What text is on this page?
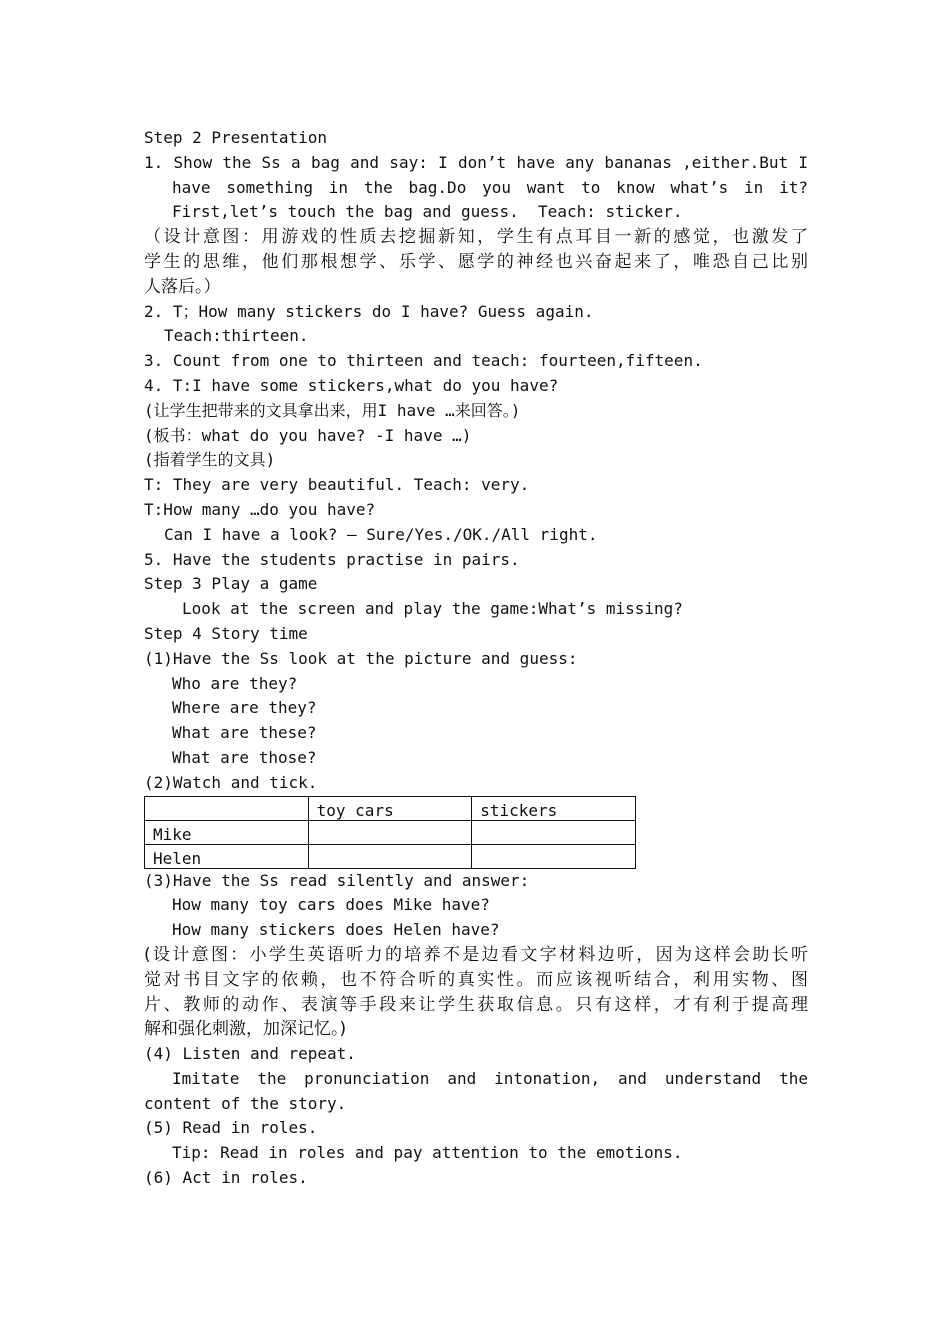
Step 2 Presentation
1. Show the Ss a bag and say: I don’t have any bananas ,either.But I
have something in the bag.Do you want to know what’s in it?
First,let’s touch the bag and guess.  Teach: sticker.
（设计意图：用游戏的性质去挖掘新知，学生有点耳目一新的感觉，也激发了
学生的思维，他们那根想学、乐学、愿学的神经也兴奋起来了，唯恐自己比别
人落后。）
2. T；How many stickers do I have? Guess again.
Teach:thirteen.
3. Count from one to thirteen and teach: fourteen,fifteen.
4. T:I have some stickers,what do you have?
(让学生把带来的文具拿出来，用I have …来回答。)
(板书：what do you have? -I have …)
(指着学生的文具)
T: They are very beautiful. Teach: very.
T:How many …do you have?
Can I have a look? – Sure/Yes./OK./All right.
5. Have the students practise in pairs.
Step 3 Play a game
Look at the screen and play the game:What’s missing?
Step 4 Story time
(1)Have the Ss look at the picture and guess:
Who are they?
Where are they?
What are these?
What are those?
(2)Watch and tick.
	toy cars	stickers
Mike		
Helen		
(3)Have the Ss read silently and answer:
How many toy cars does Mike have?
How many stickers does Helen have?
(设计意图：小学生英语听力的培养不是边看文字材料边听，因为这样会助长听
觉对书目文字的依赖，也不符合听的真实性。而应该视听结合，利用实物、图
片、教师的动作、表演等手段来让学生获取信息。只有这样，才有利于提高理
解和强化刺激，加深记忆。)
(4) Listen and repeat.
Imitate the pronunciation and intonation, and understand the
content of the story.
(5) Read in roles.
Tip: Read in roles and pay attention to the emotions.
(6) Act in roles.
